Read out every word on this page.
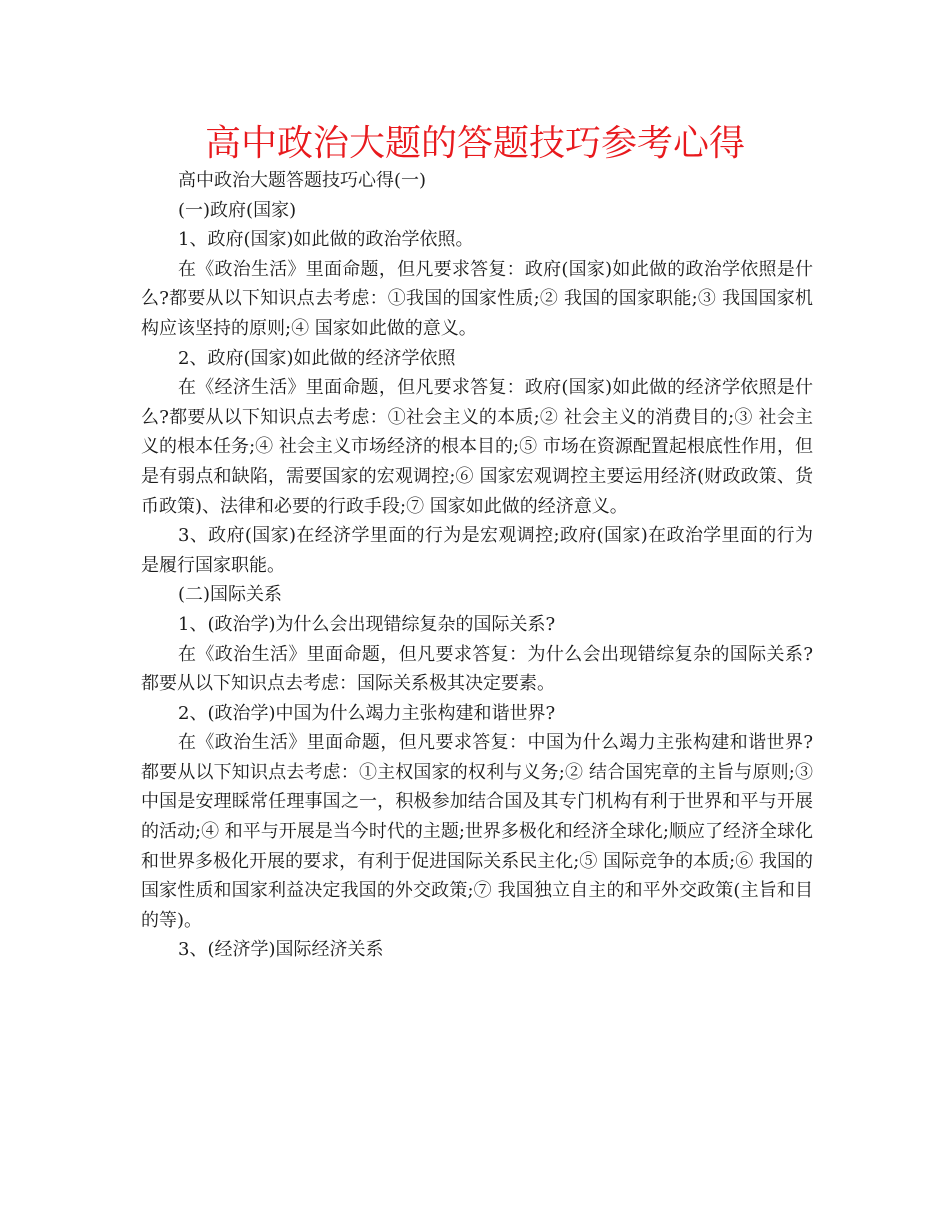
高中政治大题的答题技巧参考心得

高中政治大题答题技巧心得(一)

(一)政府(国家)

1、政府(国家)如此做的政治学依照。

在《政治生活》里面命题，但凡要求答复：政府(国家)如此做的政治学依照是什么?都要从以下知识点去考虑：①我国的国家性质;② 我国的国家职能;③ 我国国家机构应该坚持的原则;④ 国家如此做的意义。

2、政府(国家)如此做的经济学依照

在《经济生活》里面命题，但凡要求答复：政府(国家)如此做的经济学依照是什么?都要从以下知识点去考虑：①社会主义的本质;② 社会主义的消费目的;③ 社会主义的根本任务;④ 社会主义市场经济的根本目的;⑤ 市场在资源配置起根底性作用，但是有弱点和缺陷，需要国家的宏观调控;⑥ 国家宏观调控主要运用经济(财政政策、货币政策)、法律和必要的行政手段;⑦ 国家如此做的经济意义。

3、政府(国家)在经济学里面的行为是宏观调控;政府(国家)在政治学里面的行为是履行国家职能。

(二)国际关系

1、(政治学)为什么会出现错综复杂的国际关系?

在《政治生活》里面命题，但凡要求答复：为什么会出现错综复杂的国际关系?都要从以下知识点去考虑：国际关系极其决定要素。

2、(政治学)中国为什么竭力主张构建和谐世界?

在《政治生活》里面命题，但凡要求答复：中国为什么竭力主张构建和谐世界?都要从以下知识点去考虑：①主权国家的权利与义务;② 结合国宪章的主旨与原则;③ 中国是安理睬常任理事国之一，积极参加结合国及其专门机构有利于世界和平与开展的活动;④ 和平与开展是当今时代的主题;世界多极化和经济全球化;顺应了经济全球化和世界多极化开展的要求，有利于促进国际关系民主化;⑤ 国际竞争的本质;⑥ 我国的国家性质和国家利益决定我国的外交政策;⑦ 我国独立自主的和平外交政策(主旨和目的等)。

3、(经济学)国际经济关系
